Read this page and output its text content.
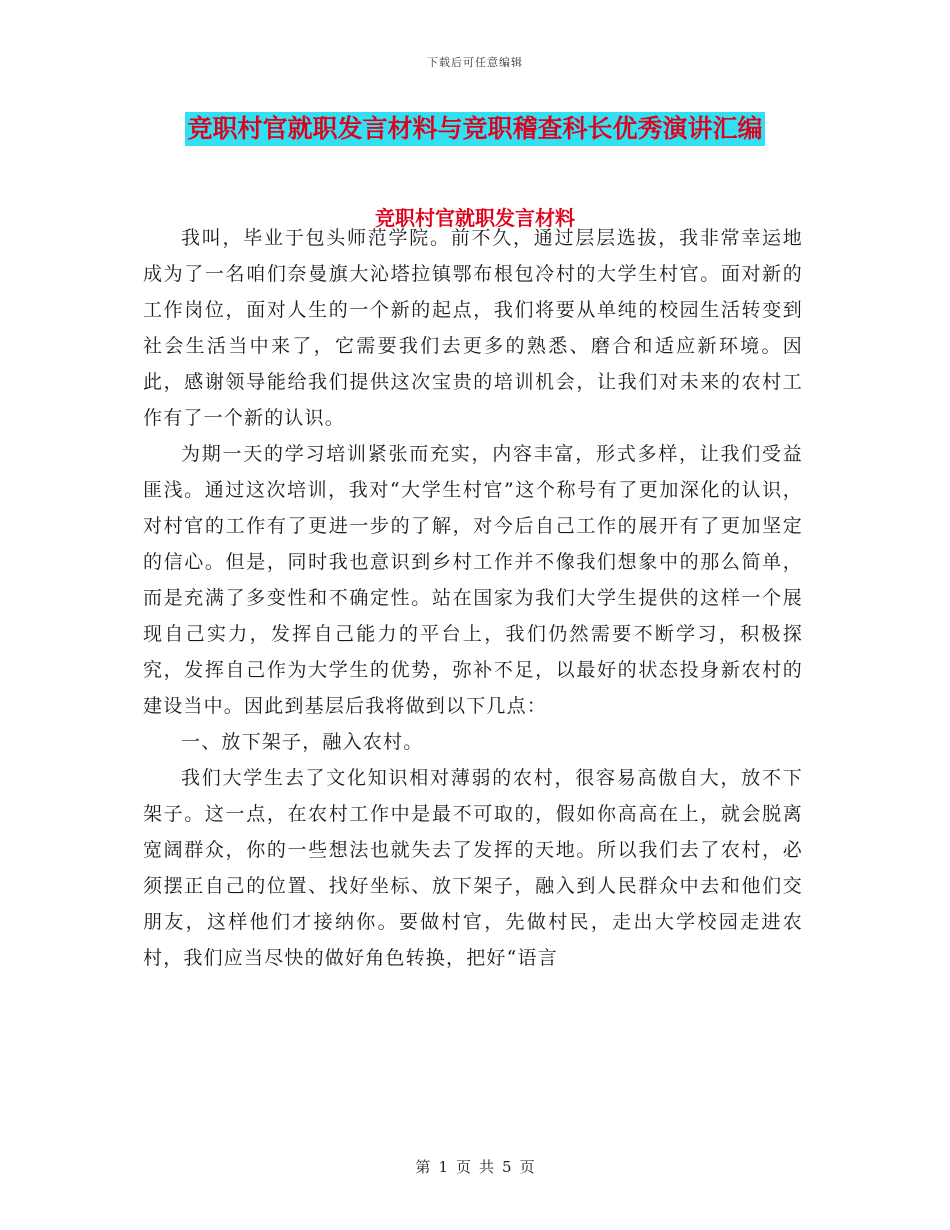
下载后可任意编辑
竞职村官就职发言材料与竞职稽查科长优秀演讲汇编
竞职村官就职发言材料

我叫，毕业于包头师范学院。前不久，通过层层选拔，我非常幸运地成为了一名咱们奈曼旗大沁塔拉镇鄂布根包冷村的大学生村官。面对新的工作岗位，面对人生的一个新的起点，我们将要从单纯的校园生活转变到社会生活当中来了，它需要我们去更多的熟悉、磨合和适应新环境。因此，感谢领导能给我们提供这次宝贵的培训机会，让我们对未来的农村工作有了一个新的认识。

为期一天的学习培训紧张而充实，内容丰富，形式多样，让我们受益匪浅。通过这次培训，我对“大学生村官”这个称号有了更加深化的认识，对村官的工作有了更进一步的了解，对今后自己工作的展开有了更加坚定的信心。但是，同时我也意识到乡村工作并不像我们想象中的那么简单，而是充满了多变性和不确定性。站在国家为我们大学生提供的这样一个展现自己实力，发挥自己能力的平台上，我们仍然需要不断学习，积极探究，发挥自己作为大学生的优势，弥补不足，以最好的状态投身新农村的建设当中。因此到基层后我将做到以下几点：

一、放下架子，融入农村。

我们大学生去了文化知识相对薄弱的农村，很容易高傲自大，放不下架子。这一点，在农村工作中是最不可取的，假如你高高在上，就会脱离宽阔群众，你的一些想法也就失去了发挥的天地。所以我们去了农村，必须摆正自己的位置、找好坐标、放下架子，融入到人民群众中去和他们交朋友，这样他们才接纳你。要做村官，先做村民，走出大学校园走进农村，我们应当尽快的做好角色转换，把好“语言

第 1 页 共 5 页
